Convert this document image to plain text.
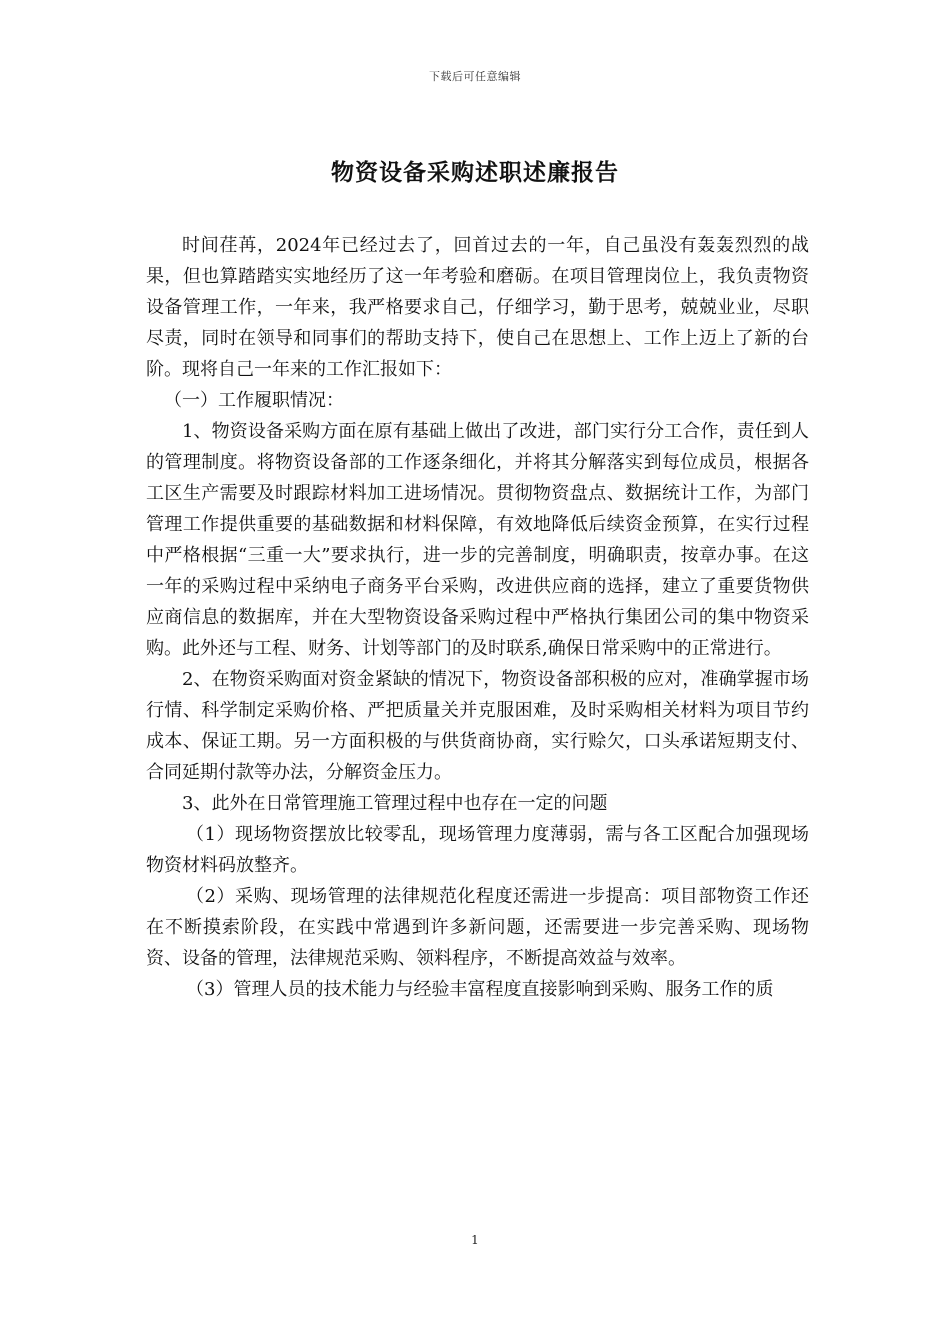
下载后可任意编辑
物资设备采购述职述廉报告

时间荏苒，2024年已经过去了，回首过去的一年，自己虽没有轰轰烈烈的战果，但也算踏踏实实地经历了这一年考验和磨砺。在项目管理岗位上，我负责物资设备管理工作，一年来，我严格要求自己，仔细学习，勤于思考，兢兢业业，尽职尽责，同时在领导和同事们的帮助支持下，使自己在思想上、工作上迈上了新的台阶。现将自己一年来的工作汇报如下：

（一）工作履职情况：

1、物资设备采购方面在原有基础上做出了改进，部门实行分工合作，责任到人的管理制度。将物资设备部的工作逐条细化，并将其分解落实到每位成员，根据各工区生产需要及时跟踪材料加工进场情况。贯彻物资盘点、数据统计工作，为部门管理工作提供重要的基础数据和材料保障，有效地降低后续资金预算，在实行过程中严格根据“三重一大”要求执行，进一步的完善制度，明确职责，按章办事。在这一年的采购过程中采纳电子商务平台采购，改进供应商的选择，建立了重要货物供应商信息的数据库，并在大型物资设备采购过程中严格执行集团公司的集中物资采购。此外还与工程、财务、计划等部门的及时联系,确保日常采购中的正常进行。

2、在物资采购面对资金紧缺的情况下，物资设备部积极的应对，准确掌握市场行情、科学制定采购价格、严把质量关并克服困难，及时采购相关材料为项目节约成本、保证工期。另一方面积极的与供货商协商，实行赊欠，口头承诺短期支付、合同延期付款等办法，分解资金压力。

3、此外在日常管理施工管理过程中也存在一定的问题

（1）现场物资摆放比较零乱，现场管理力度薄弱，需与各工区配合加强现场物资材料码放整齐。

（2）采购、现场管理的法律规范化程度还需进一步提高：项目部物资工作还在不断摸索阶段，在实践中常遇到许多新问题，还需要进一步完善采购、现场物资、设备的管理，法律规范采购、领料程序，不断提高效益与效率。

（3）管理人员的技术能力与经验丰富程度直接影响到采购、服务工作的质

1
